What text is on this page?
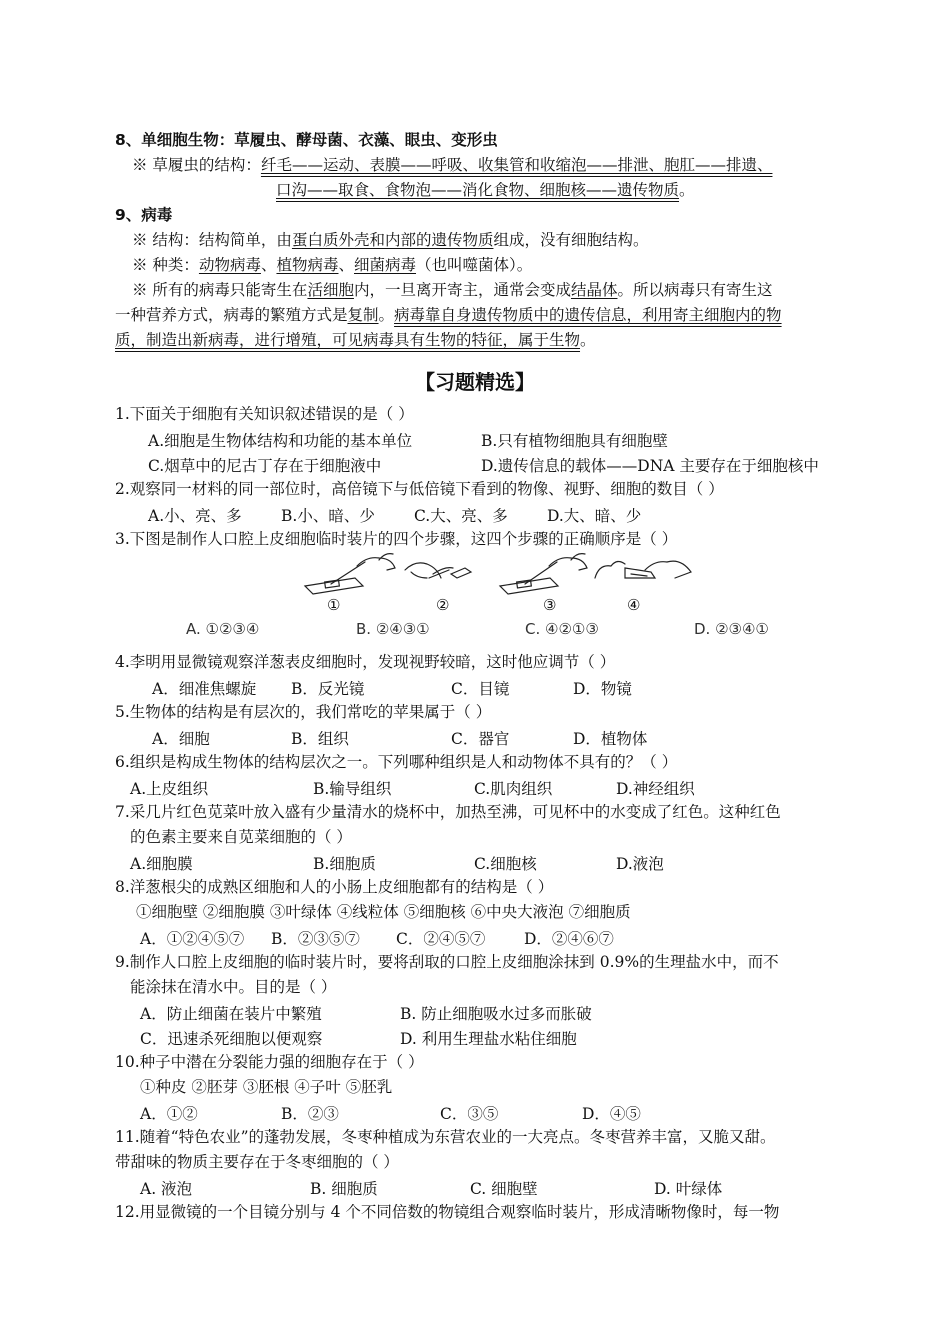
8、单细胞生物：草履虫、酵母菌、衣藻、眼虫、变形虫
※ 草履虫的结构：纤毛——运动、表膜——呼吸、收集管和收缩泡——排泄、胞肛——排遗、
口沟——取食、食物泡——消化食物、细胞核——遗传物质。
9、病毒
※ 结构：结构简单，由蛋白质外壳和内部的遗传物质组成，没有细胞结构。
※ 种类：动物病毒、植物病毒、细菌病毒（也叫噬菌体）。
※ 所有的病毒只能寄生在活细胞内，一旦离开寄主，通常会变成结晶体。所以病毒只有寄生这
一种营养方式，病毒的繁殖方式是复制。病毒靠自身遗传物质中的遗传信息，利用寄主细胞内的物
质，制造出新病毒，进行增殖，可见病毒具有生物的特征，属于生物。
【习题精选】
1.下面关于细胞有关知识叙述错误的是（ ）
A.细胞是生物体结构和功能的基本单位	B.只有植物细胞具有细胞壁
C.烟草中的尼古丁存在于细胞液中	D.遗传信息的载体——DNA 主要存在于细胞核中
2.观察同一材料的同一部位时，高倍镜下与低倍镜下看到的物像、视野、细胞的数目（ ）
A.小、亮、多	B.小、暗、少	C.大、亮、多	D.大、暗、少
3.下图是制作人口腔上皮细胞临时装片的四个步骤，这四个步骤的正确顺序是（ ）
①	②	③	④
A. ①②③④	B. ②④③①	C. ④②①③	D. ②③④①
4.李明用显微镜观察洋葱表皮细胞时，发现视野较暗，这时他应调节（ ）
A．细准焦螺旋 B．反光镜	C．目镜	D．物镜
5.生物体的结构是有层次的，我们常吃的苹果属于（ ）
A．细胞	B．组织	C．器官	D．植物体
6.组织是构成生物体的结构层次之一。下列哪种组织是人和动物体不具有的？（ ）
A.上皮组织	B.输导组织	C.肌肉组织	D.神经组织
7.采几片红色苋菜叶放入盛有少量清水的烧杯中，加热至沸，可见杯中的水变成了红色。这种红色
的色素主要来自苋菜细胞的（ ）
A.细胞膜	B.细胞质	C.细胞核	D.液泡
8.洋葱根尖的成熟区细胞和人的小肠上皮细胞都有的结构是（ ）
①细胞壁 ②细胞膜 ③叶绿体 ④线粒体 ⑤细胞核 ⑥中央大液泡 ⑦细胞质
A．①②④⑤⑦ B．②③⑤⑦ C．②④⑤⑦ D．②④⑥⑦
9.制作人口腔上皮细胞的临时装片时，要将刮取的口腔上皮细胞涂抹到 0.9%的生理盐水中，而不
能涂抹在清水中。目的是（ ）
A．防止细菌在装片中繁殖	B. 防止细胞吸水过多而胀破
C．迅速杀死细胞以便观察	D. 利用生理盐水粘住细胞
10.种子中潜在分裂能力强的细胞存在于（ ）
①种皮 ②胚芽 ③胚根 ④子叶 ⑤胚乳
A．①②	B．②③	C．③⑤	D．④⑤
11.随着“特色农业”的蓬勃发展，冬枣种植成为东营农业的一大亮点。冬枣营养丰富，又脆又甜。
带甜味的物质主要存在于冬枣细胞的（ ）
A. 液泡	B. 细胞质	C. 细胞壁	D. 叶绿体
12.用显微镜的一个目镜分别与 4 个不同倍数的物镜组合观察临时装片，形成清晰物像时，每一物
